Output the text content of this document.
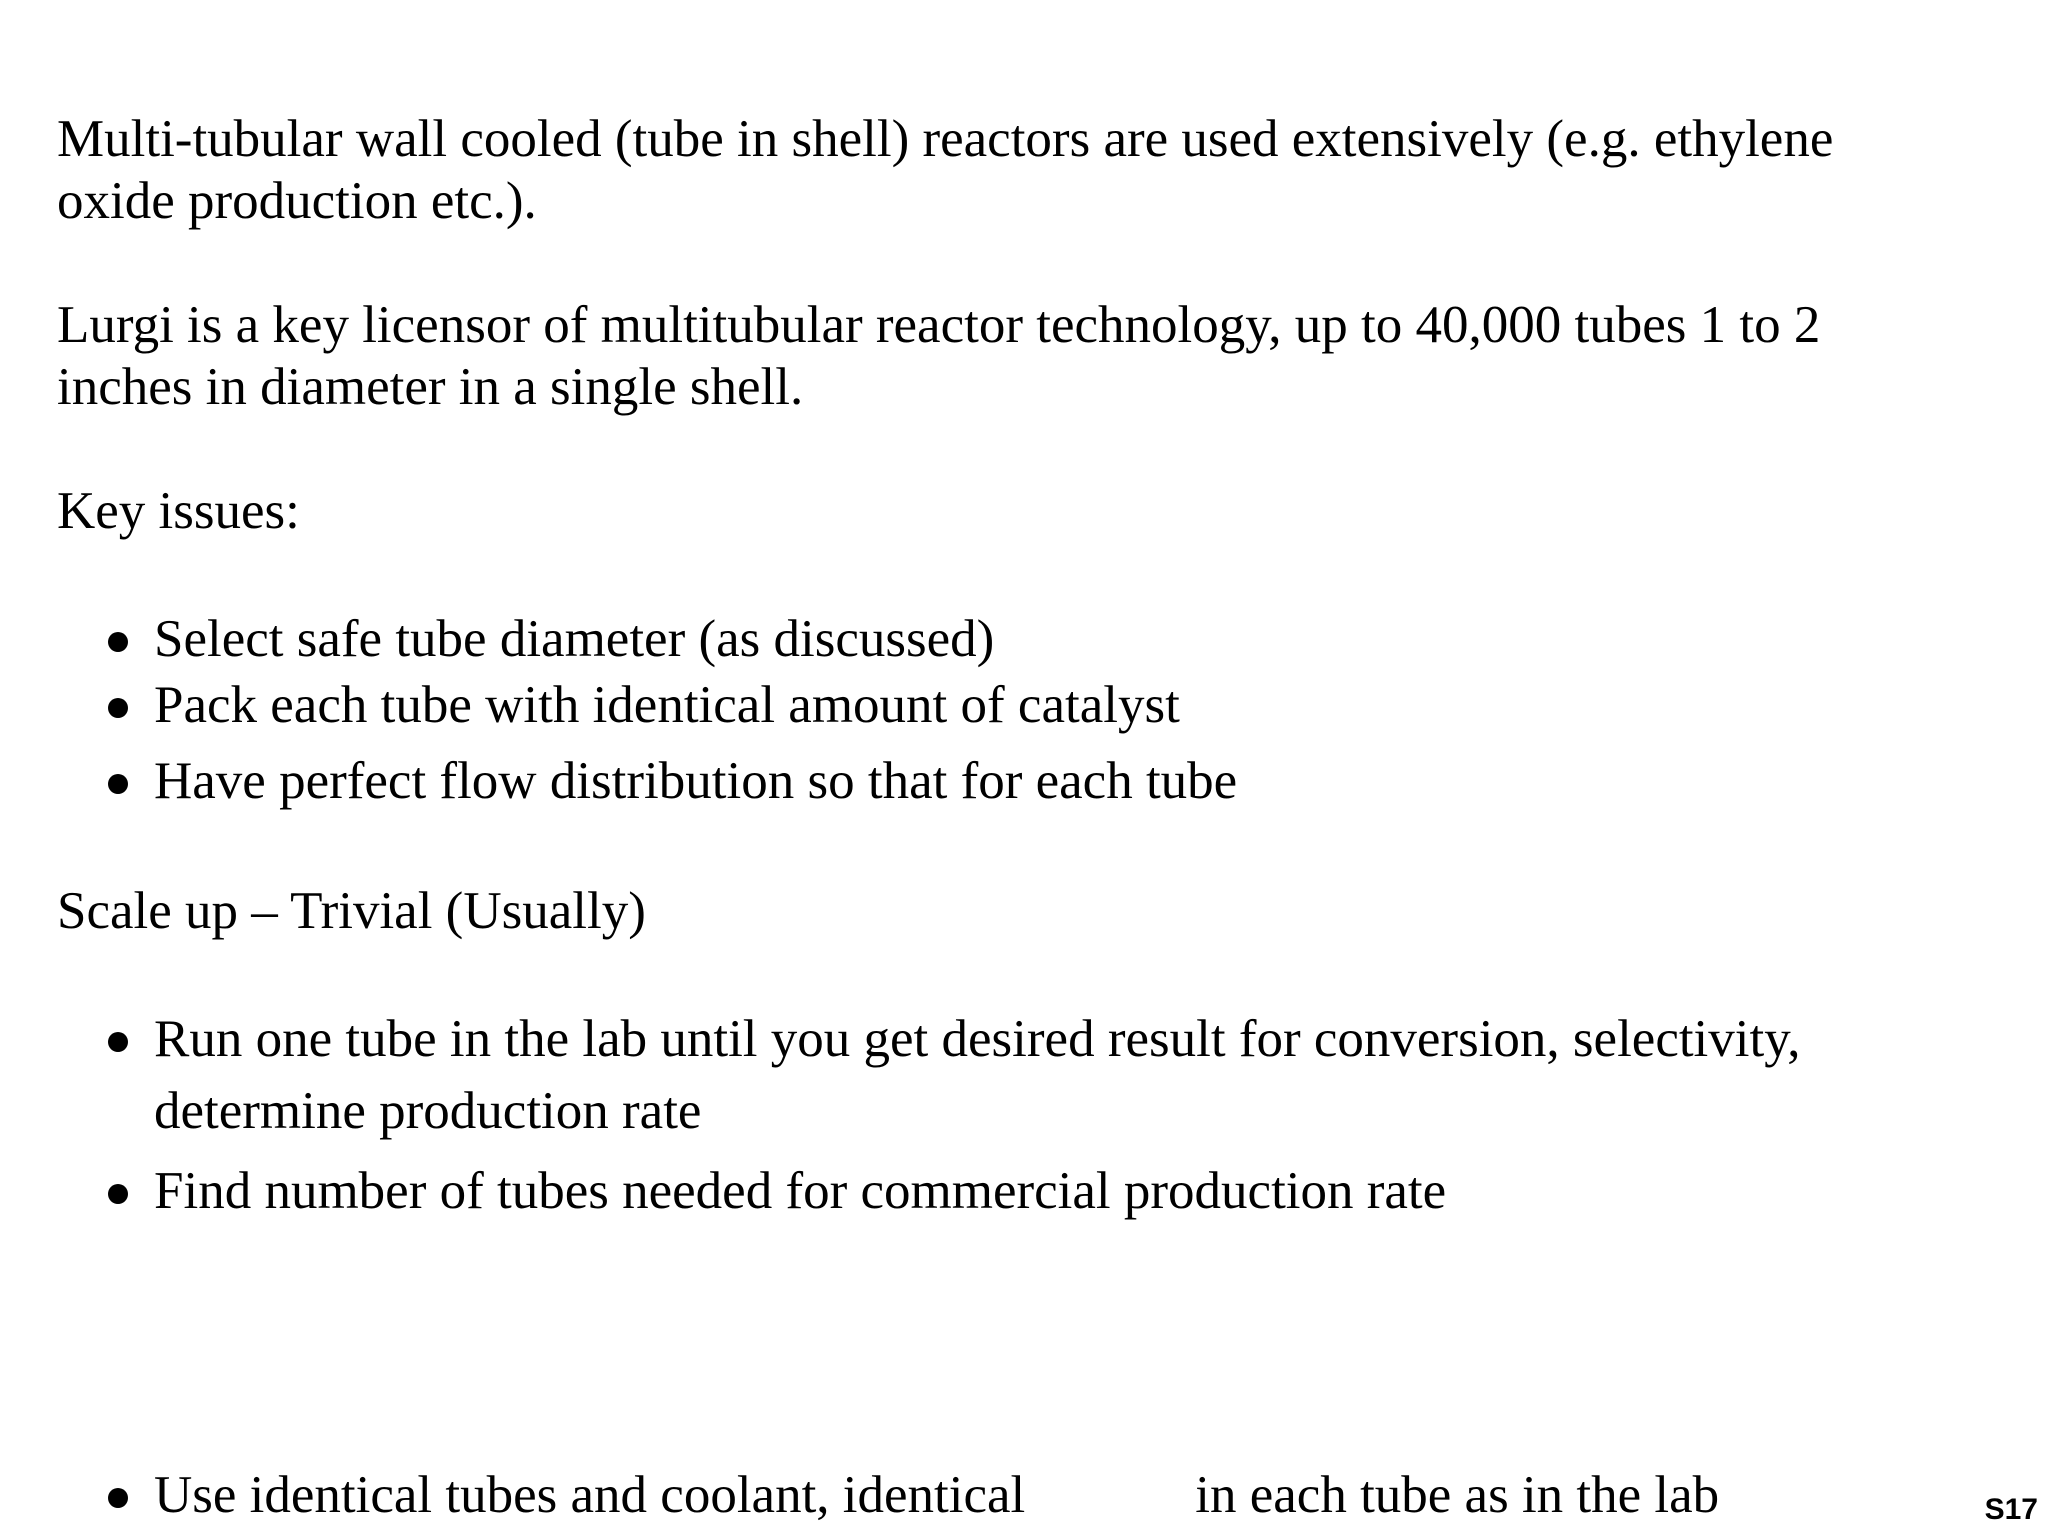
Multi-tubular wall cooled (tube in shell) reactors are used extensively (e.g. ethylene

oxide production etc.).

Lurgi is a key licensor of multitubular reactor technology, up to 40,000 tubes 1 to 2

inches in diameter in a single shell.

Key issues:

Select safe tube diameter (as discussed)
Pack each tube with identical amount of catalyst
Have perfect flow distribution so that for each tube

Scale up – Trivial (Usually)

Run one tube in the lab until you get desired result for conversion, selectivity,
determine production rate
Find number of tubes needed for commercial production rate
Use identical tubes and coolant, identical	in each tube as in the lab	S17
